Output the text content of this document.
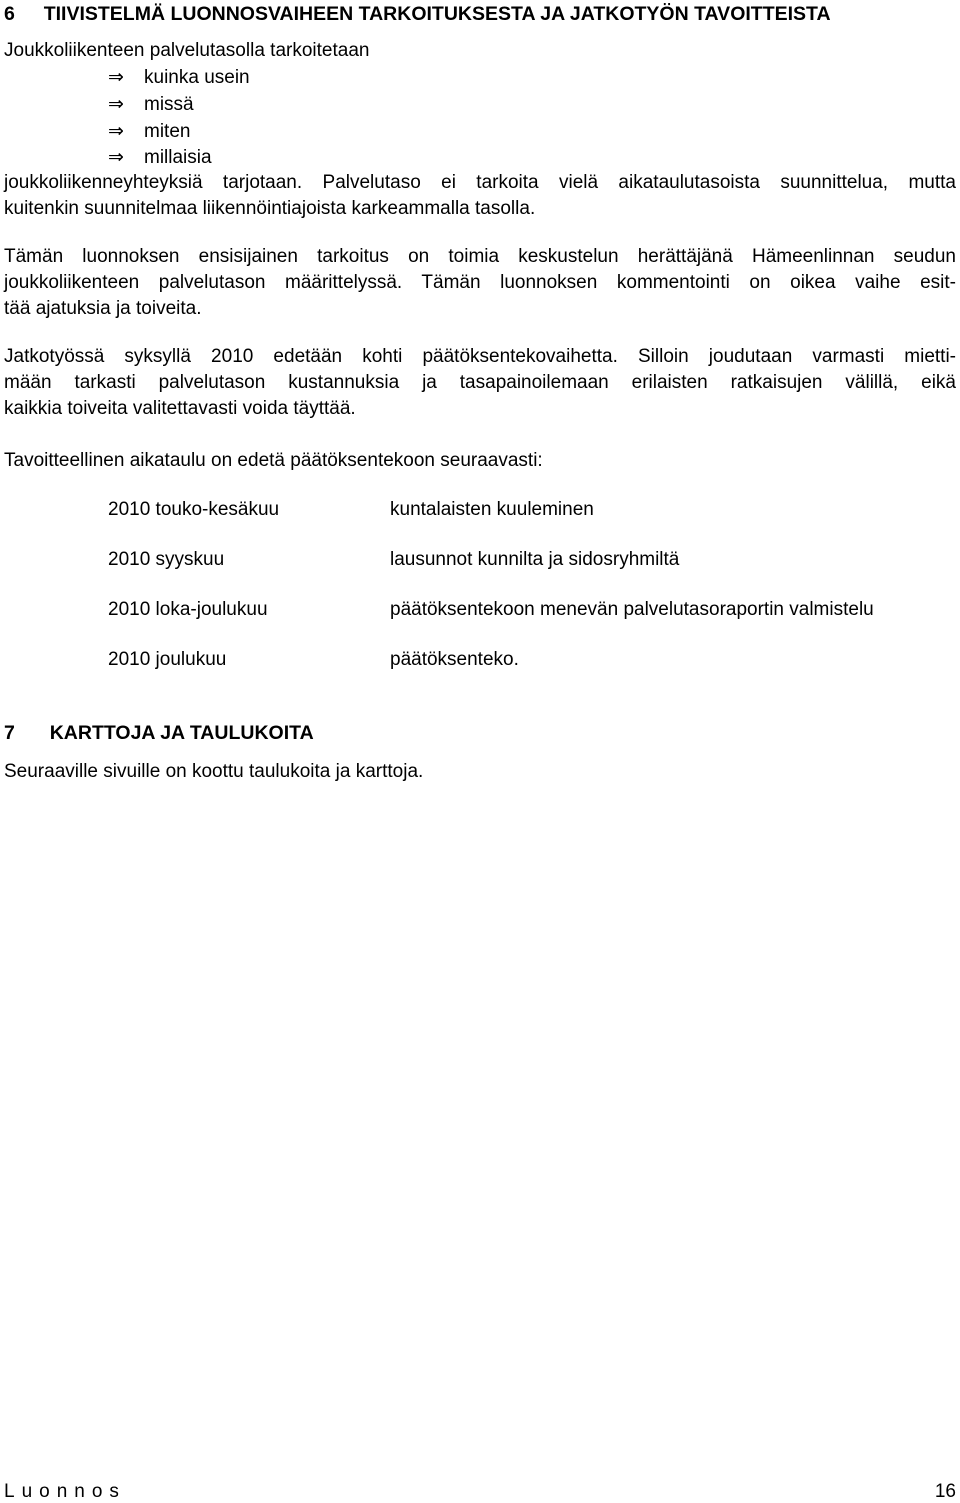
6 TIIVISTELMÄ LUONNOSVAIHEEN TARKOITUKSESTA JA JATKOTYÖN TAVOITTEISTA
Joukkoliikenteen palvelutasolla tarkoitetaan
⇒ kuinka usein
⇒ missä
⇒ miten
⇒ millaisia
joukkoliikenneyhteyksiä tarjotaan. Palvelutaso ei tarkoita vielä aikataulutasoista suunnittelua, mutta
kuitenkin suunnitelmaa liikennöintiajoista karkeammalla tasolla.
Tämän luonnoksen ensisijainen tarkoitus on toimia keskustelun herättäjänä Hämeenlinnan seudun
joukkoliikenteen palvelutason määrittelyssä. Tämän luonnoksen kommentointi on oikea vaihe esit-
tää ajatuksia ja toiveita.
Jatkotyössä syksyllä 2010 edetään kohti päätöksentekovaihetta. Silloin joudutaan varmasti mietti-
mään tarkasti palvelutason kustannuksia ja tasapainoilemaan erilaisten ratkaisujen välillä, eikä
kaikkia toiveita valitettavasti voida täyttää.
Tavoitteellinen aikataulu on edetä päätöksentekoon seuraavasti:
2010 touko-kesäkuu	kuntalaisten kuuleminen
2010 syyskuu	lausunnot kunnilta ja sidosryhmiltä
2010 loka-joulukuu	päätöksentekoon menevän palvelutasoraportin valmistelu
2010 joulukuu	päätöksenteko.
7 KARTTOJA JA TAULUKOITA
Seuraaville sivuille on koottu taulukoita ja karttoja.
Luonnos	16
